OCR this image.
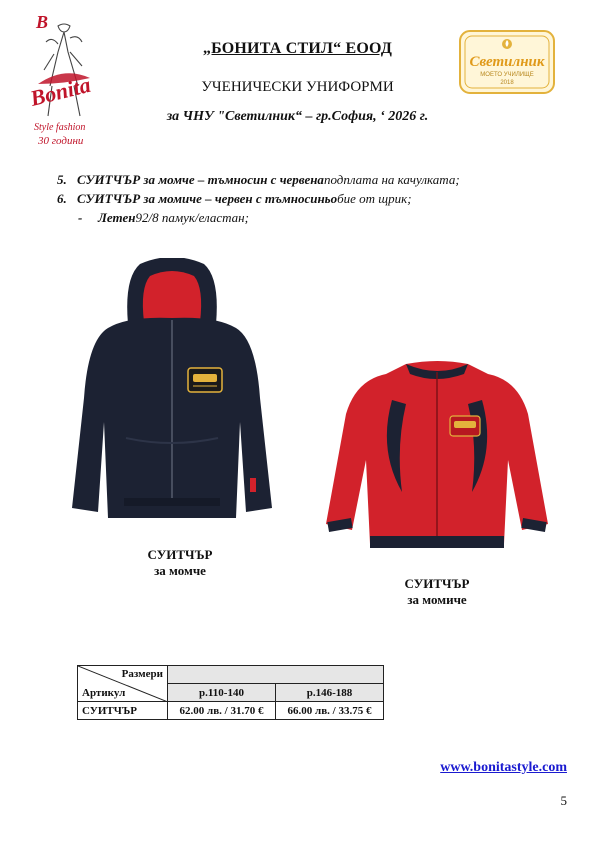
B
Bonita
Style fashion
30 години
Светилник
МОЕТО УЧИЛИЩЕ
2018
„БОНИТА СТИЛ“ ЕООД
УЧЕНИЧЕСКИ УНИФОРМИ
за ЧНУ "Светилник“ – гр.София, ‘ 2026 г.
5. СУИТЧЪР за момче – тъмносин с червена подплата на качулката;
6. СУИТЧЪР за момиче – червен с тъмносиньо бие от щрик;
-	Летен 92/8 памук/еластан;
СУИТЧЪР
за момче
СУИТЧЪР
за момиче
Размери
Артикул		

	р.110-140	р.146-188
СУИТЧЪР	62.00 лв. / 31.70 €	66.00 лв. / 33.75 €
www.bonitastyle.com
5
